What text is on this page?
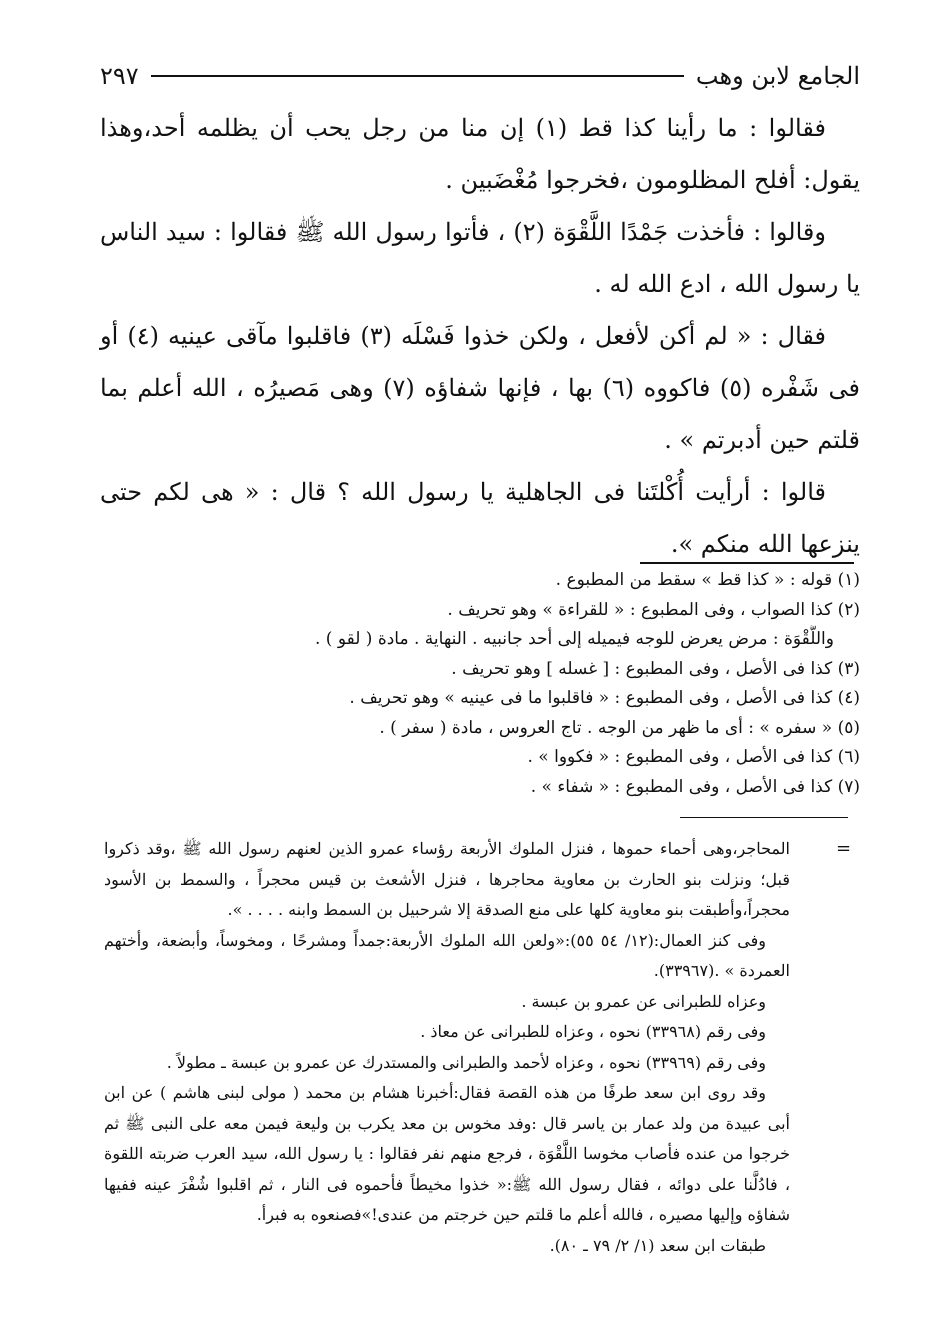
الجامع لابن وهب
٢٩٧

فقالوا : ما رأينا كذا قط (١) إن منا من رجل يحب أن يظلمه أحد،وهذا يقول: أفلح المظلومون ،فخرجوا مُغْضَبين .

وقالوا : فأخذت جَمْدًا اللَّقْوَة (٢) ، فأتوا رسول الله ﷺ فقالوا : سيد الناس يا رسول الله ، ادع الله له .

فقال : « لم أكن لأفعل ، ولكن خذوا فَسْلَه (٣) فاقلبوا مآقى عينيه (٤) أو فى شَفْره (٥) فاكووه (٦) بها ، فإنها شفاؤه (٧) وهى مَصيرُه ، الله أعلم بما قلتم حين أدبرتم » .

قالوا : أرأيت أُكْلتَنا فى الجاهلية يا رسول الله ؟ قال : « هى لكم حتى ينزعها الله منكم ».

(١) قوله : « كذا قط » سقط من المطبوع .
(٢) كذا الصواب ، وفى المطبوع : « للقراءة » وهو تحريف .
واللَّقْوَة : مرض يعرض للوجه فيميله إلى أحد جانبيه . النهاية . مادة ( لقو ) .
(٣) كذا فى الأصل ، وفى المطبوع : [ غسله ] وهو تحريف .
(٤) كذا فى الأصل ، وفى المطبوع : « فاقلبوا ما فى عينيه » وهو تحريف .
(٥) « سفره » : أى ما ظهر من الوجه . تاج العروس ، مادة ( سفر ) .
(٦) كذا فى الأصل ، وفى المطبوع : « فكووا » .
(٧) كذا فى الأصل ، وفى المطبوع : « شفاء » .
=

المحاجر،وهى أحماء حموها ، فنزل الملوك الأربعة رؤساء عمرو الذين لعنهم رسول الله ﷺ ،وقد ذكروا قبل؛ ونزلت بنو الحارث بن معاوية محاجرها ، فنزل الأشعث بن قيس محجراً ، والسمط بن الأسود محجراً،وأطبقت بنو معاوية كلها على منع الصدقة إلا شرحبيل بن السمط وابنه . . . . ».

وفى كنز العمال:(١٢/ ٥٤ ٥٥):«ولعن الله الملوك الأربعة:جمداً ومشرحًا ، ومخوساً، وأبضعة، وأختهم العمردة » .(٣٣٩٦٧).

وعزاه للطبرانى عن عمرو بن عبسة .

وفى رقم (٣٣٩٦٨) نحوه ، وعزاه للطبرانى عن معاذ .

وفى رقم (٣٣٩٦٩) نحوه ، وعزاه لأحمد والطبرانى والمستدرك عن عمرو بن عبسة ـ مطولاً .

وقد روى ابن سعد طرفًا من هذه القصة فقال:أخبرنا هشام بن محمد ( مولى لبنى هاشم ) عن ابن أبى عبيدة من ولد عمار بن ياسر قال :وفد مخوس بن معد يكرب بن وليعة فيمن معه على النبى ﷺ ثم خرجوا من عنده فأصاب مخوسا اللَّقْوَة ، فرجع منهم نفر فقالوا : يا رسول الله، سيد العرب ضربته اللقوة ، فادُلَّنا على دوائه ، فقال رسول الله ﷺ:« خذوا مخيطاً فأحموه فى النار ، ثم اقلبوا شُفْرَ عينه ففيها شفاؤه وإليها مصيره ، فالله أعلم ما قلتم حين خرجتم من عندى!»فصنعوه به فبرأ.

طبقات ابن سعد (١/ ٢/ ٧٩ ـ ٨٠).
